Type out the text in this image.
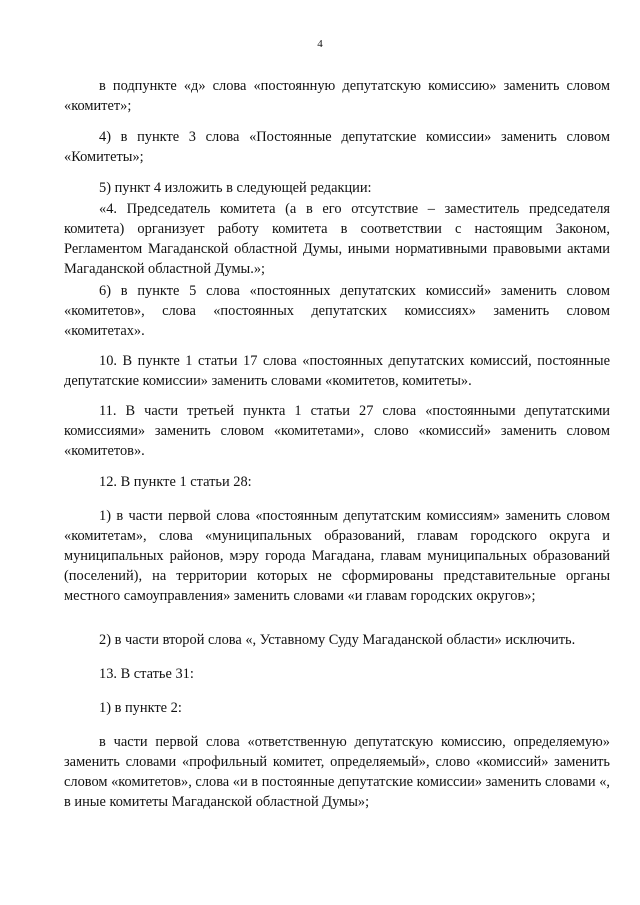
4

в подпункте «д» слова «постоянную депутатскую комиссию» заменить словом «комитет»;

4) в пункте 3 слова «Постоянные депутатские комиссии» заменить словом «Комитеты»;

5) пункт 4 изложить в следующей редакции:

«4. Председатель комитета (а в его отсутствие – заместитель председателя комитета) организует работу комитета в соответствии с настоящим Законом, Регламентом Магаданской областной Думы, иными нормативными правовыми актами Магаданской областной Думы.»;

6) в пункте 5 слова «постоянных депутатских комиссий» заменить словом «комитетов», слова «постоянных депутатских комиссиях» заменить словом «комитетах».

10. В пункте 1 статьи 17 слова «постоянных депутатских комиссий, постоянные депутатские комиссии» заменить словами «комитетов, комитеты».

11. В части третьей пункта 1 статьи 27 слова «постоянными депутатскими комиссиями» заменить словом «комитетами», слово «комиссий» заменить словом «комитетов».

12. В пункте 1 статьи 28:

1) в части первой слова «постоянным депутатским комиссиям» заменить словом «комитетам», слова «муниципальных образований, главам городского округа и муниципальных районов, мэру города Магадана, главам муниципальных образований (поселений), на территории которых не сформированы представительные органы местного самоуправления» заменить словами «и главам городских округов»;

2) в части второй слова «, Уставному Суду Магаданской области» исключить.

13. В статье 31:

1) в пункте 2:

в части первой слова «ответственную депутатскую комиссию, определяемую» заменить словами «профильный комитет, определяемый», слово «комиссий» заменить словом «комитетов», слова «и в постоянные депутатские комиссии» заменить словами «, в иные комитеты Магаданской областной Думы»;
